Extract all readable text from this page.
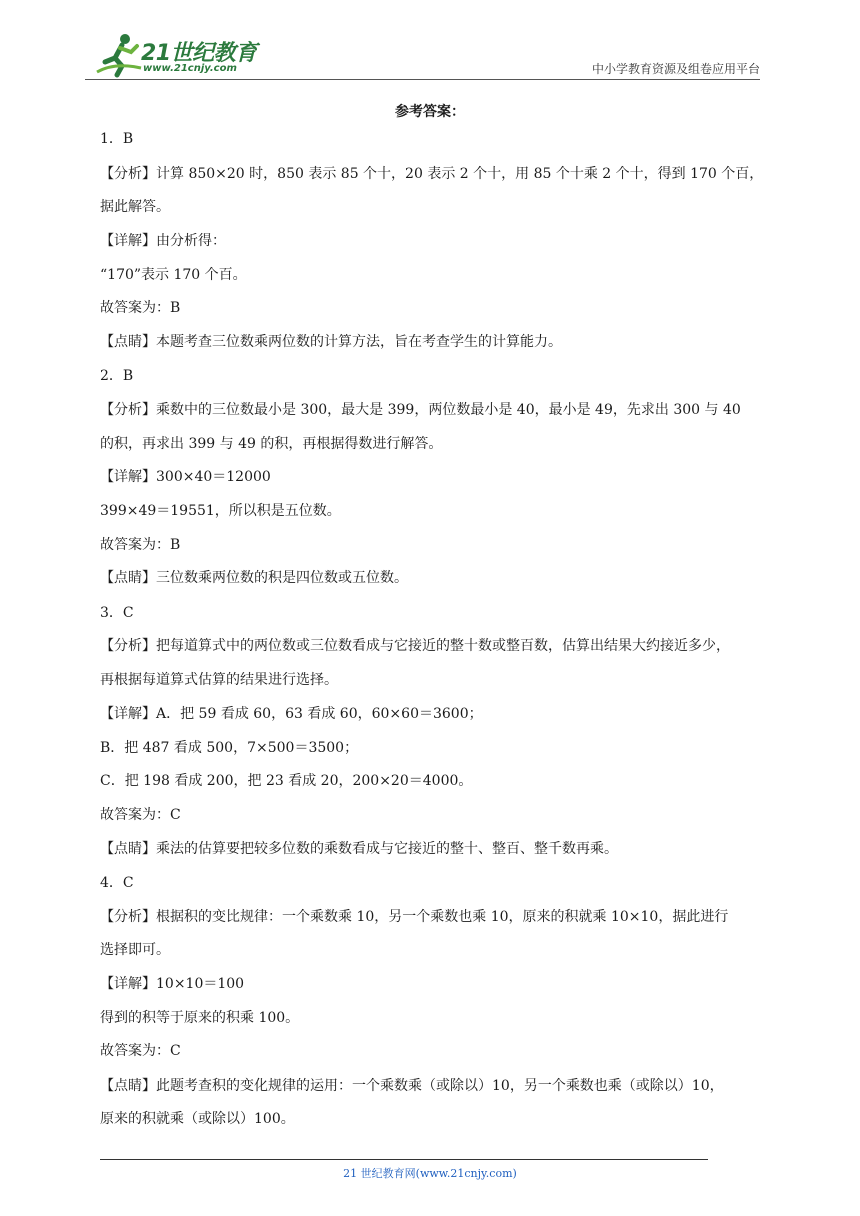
21世纪教育
www.21cnjy.com	中小学教育资源及组卷应用平台
参考答案：
1．B
【分析】计算 850×20 时，850 表示 85 个十，20 表示 2 个十，用 85 个十乘 2 个十，得到 170 个百，
据此解答。
【详解】由分析得：
“170”表示 170 个百。
故答案为：B
【点睛】本题考查三位数乘两位数的计算方法，旨在考查学生的计算能力。
2．B
【分析】乘数中的三位数最小是 300，最大是 399，两位数最小是 40，最小是 49，先求出 300 与 40
的积，再求出 399 与 49 的积，再根据得数进行解答。
【详解】300×40＝12000
399×49＝19551，所以积是五位数。
故答案为：B
【点睛】三位数乘两位数的积是四位数或五位数。
3．C
【分析】把每道算式中的两位数或三位数看成与它接近的整十数或整百数，估算出结果大约接近多少，
再根据每道算式估算的结果进行选择。
【详解】A．把 59 看成 60，63 看成 60，60×60＝3600；
B．把 487 看成 500，7×500＝3500；
C．把 198 看成 200，把 23 看成 20，200×20＝4000。
故答案为：C
【点睛】乘法的估算要把较多位数的乘数看成与它接近的整十、整百、整千数再乘。
4．C
【分析】根据积的变比规律：一个乘数乘 10，另一个乘数也乘 10，原来的积就乘 10×10，据此进行
选择即可。
【详解】10×10＝100
得到的积等于原来的积乘 100。
故答案为：C
【点睛】此题考查积的变化规律的运用：一个乘数乘（或除以）10，另一个乘数也乘（或除以）10，
原来的积就乘（或除以）100。
21 世纪教育网(www.21cnjy.com)
